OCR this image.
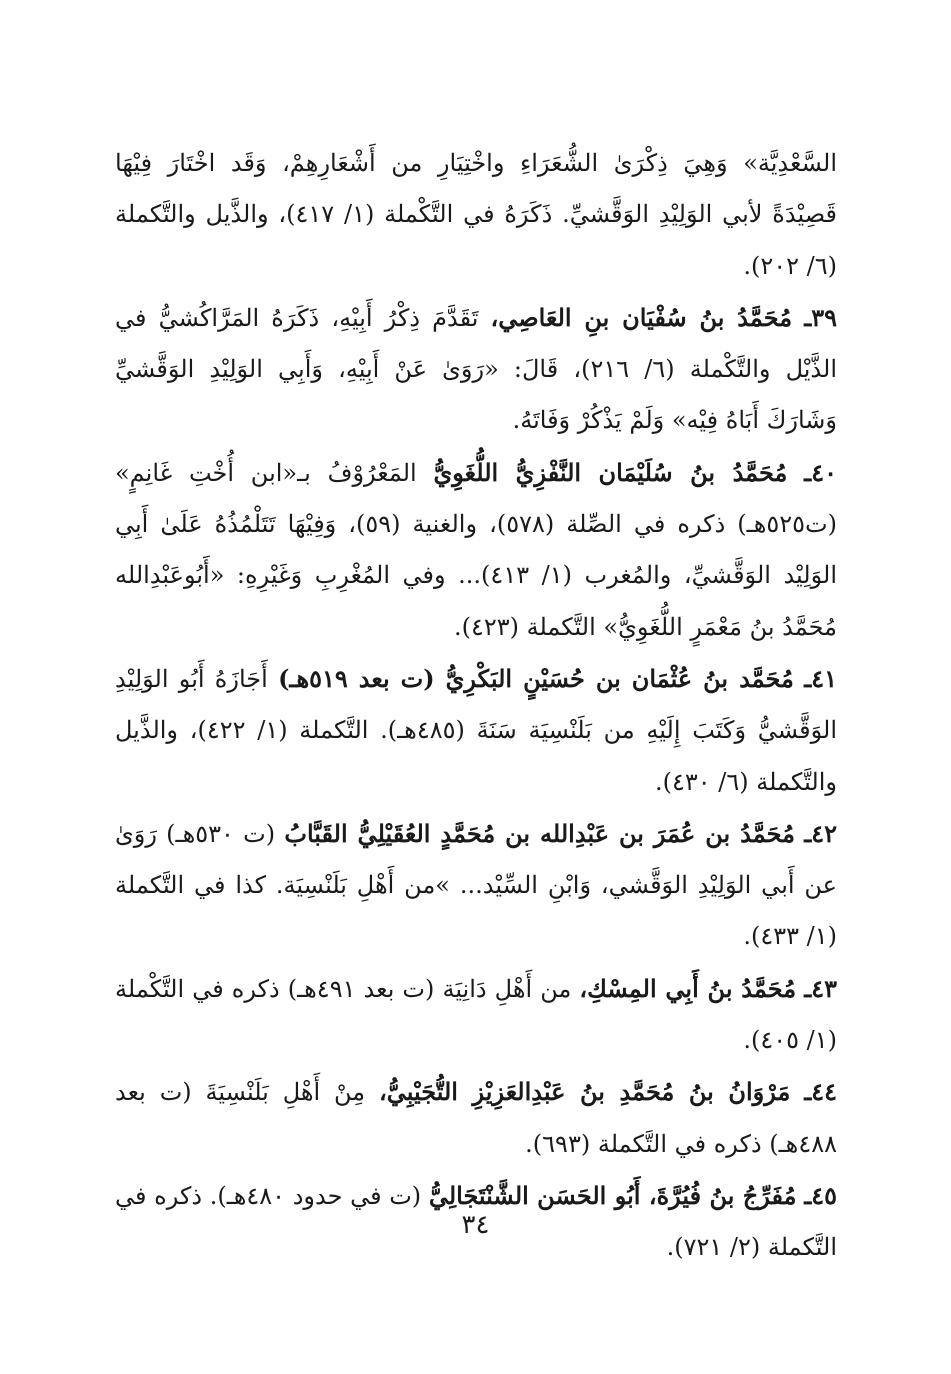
السَّعْدِيَّة» وَهِيَ ذِكْرَىٰ الشُّعَرَاءِ واخْتِيَارِ من أَشْعَارِهِمْ، وَقَد اخْتَارَ فِيْهَا قَصِيْدَةً لأبي الوَلِيْدِ الوَقَّشيِّ. ذَكَرَهُ في التَّكْملة (١/ ٤١٧)، والذَّيل والتَّكملة (٦/ ٢٠٢).

٣٩ـ مُحَمَّدُ بنُ سُفْيَان بنِ العَاصِي، تَقَدَّمَ ذِكْرُ أَبِيْهِ، ذَكَرَهُ المَرَّاكُشيُّ في الذَّيْل والتَّكْملة (٦/ ٢١٦)، قَالَ: «رَوَىٰ عَنْ أَبِيْهِ، وَأَبِي الوَلِيْدِ الوَقَّشيِّ وَشَارَكَ أَبَاهُ فِيْه» وَلَمْ يَذْكُرْ وَفَاتَهُ.

٤٠ـ مُحَمَّدُ بنُ سُلَيْمَان النَّفْزِيُّ اللُّغَوِيُّ المَعْرُوْفُ بـ«ابن أُخْتِ غَانِمٍ» (ت٥٢٥هـ) ذكره في الصِّلة (٥٧٨)، والغنية (٥٩)، وَفِيْهَا تَتَلْمُذُهُ عَلَىٰ أَبِي الوَلِيْد الوَقَّشيِّ، والمُغرب (١/ ٤١٣)... وفي المُغْرِبِ وَغَيْرِهِ: «أَبُوعَبْدِالله مُحَمَّدُ بنُ مَعْمَرٍ اللُّغَوِيُّ» التَّكملة (٤٢٣).

٤١ـ مُحَمَّد بنُ عُثْمَان بن حُسَيْنٍ البَكْرِيُّ (ت بعد ٥١٩هـ) أَجَازَهُ أَبُو الوَلِيْدِ الوَقَّشيُّ وَكَتَبَ إِلَيْهِ من بَلَنْسِيَة سَنَةَ (٤٨٥هـ). التَّكملة (١/ ٤٢٢)، والذَّيل والتَّكملة (٦/ ٤٣٠).

٤٢ـ مُحَمَّدُ بن عُمَرَ بن عَبْدِالله بن مُحَمَّدٍ العُقَيْلِيُّ القَبَّابُ (ت ٥٣٠هـ) رَوَىٰ عن أَبي الوَلِيْدِ الوَقَّشي، وَابْنِ السِّيْد... »من أَهْلِ بَلَنْسِيَة. كذا في التَّكملة (١/ ٤٣٣).

٤٣ـ مُحَمَّدُ بنُ أَبِي المِسْكِ، من أَهْلِ دَانِيَة (ت بعد ٤٩١هـ) ذكره في التَّكْملة (١/ ٤٠٥).

٤٤ـ مَرْوَانُ بنُ مُحَمَّدِ بنُ عَبْدِالعَزِيْزِ التُّجَيْبِيُّ، مِنْ أَهْلِ بَلَنْسِيَةَ (ت بعد ٤٨٨هـ) ذكره في التَّكملة (٦٩٣).

٤٥ـ مُفَرِّجُ بنُ فُيُرَّةَ، أَبُو الحَسَن الشَّنْتَجَالِيُّ (ت في حدود ٤٨٠هـ). ذكره في التَّكملة (٢/ ٧٢١).

٣٤
